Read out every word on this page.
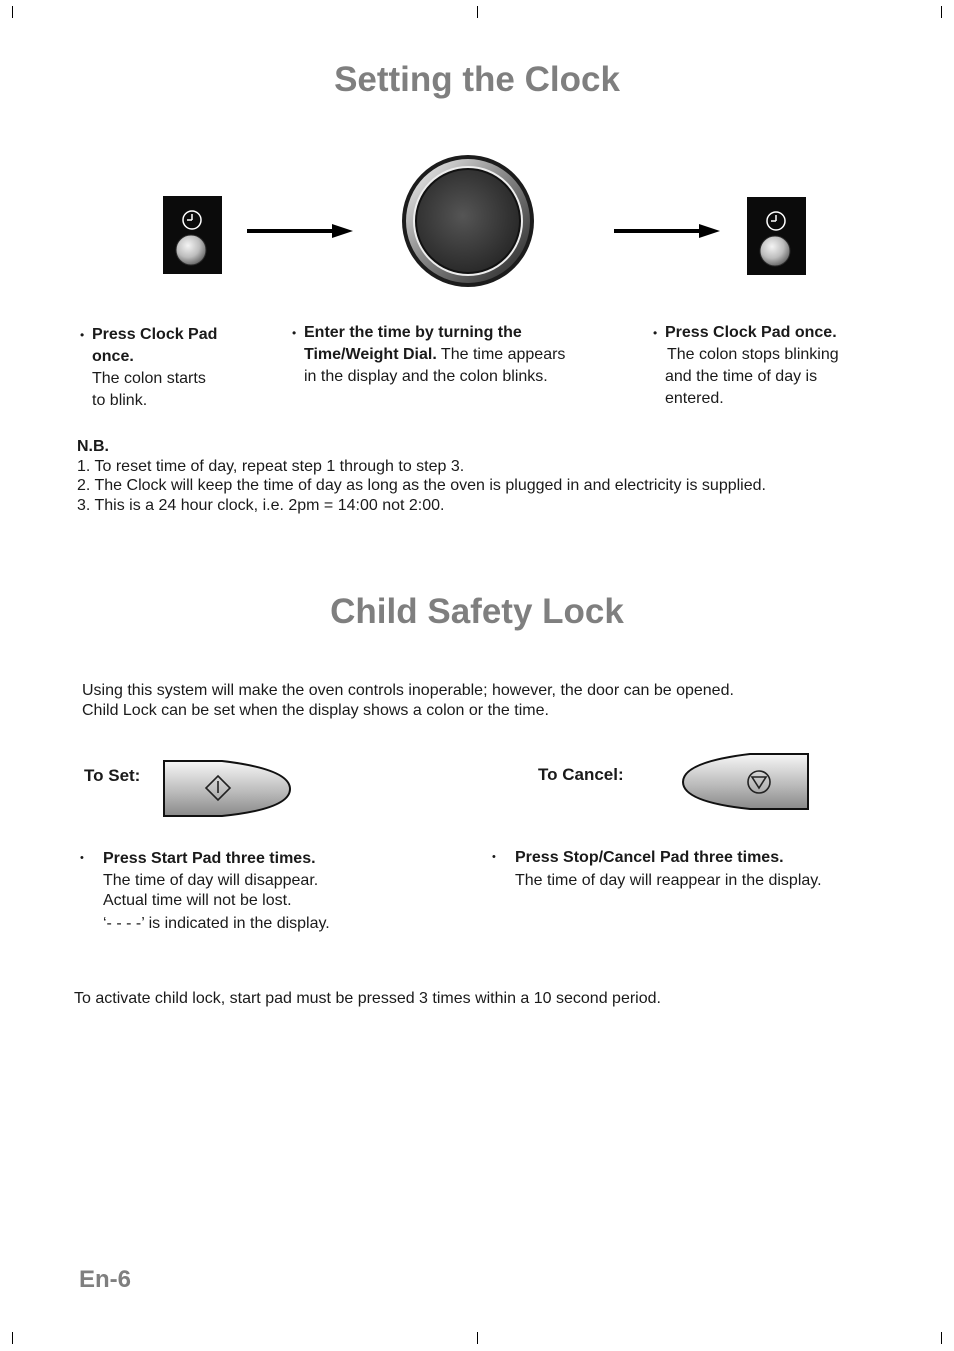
Setting the Clock
• Press Clock Pad
once.
The colon starts
to blink.
• Enter the time by turning the
Time/Weight Dial. The time appears
in the display and the colon blinks.
• Press Clock Pad once.
The colon stops blinking
and the time of day is
entered.
N.B.
1. To reset time of day, repeat step 1 through to step 3.
2. The Clock will keep the time of day as long as the oven is plugged in and electricity is supplied.
3. This is a 24 hour clock, i.e. 2pm = 14:00 not 2:00.
Child Safety Lock
Using this system will make the oven controls inoperable; however, the door can be opened.
Child Lock can be set when the display shows a colon or the time.
To Set:	To Cancel:
• Press Start Pad three times.
The time of day will disappear.
Actual time will not be lost.
‘- - - -’ is indicated in the display.
• Press Stop/Cancel Pad three times.
The time of day will reappear in the display.
To activate child lock, start pad must be pressed 3 times within a 10 second period.
En-6
